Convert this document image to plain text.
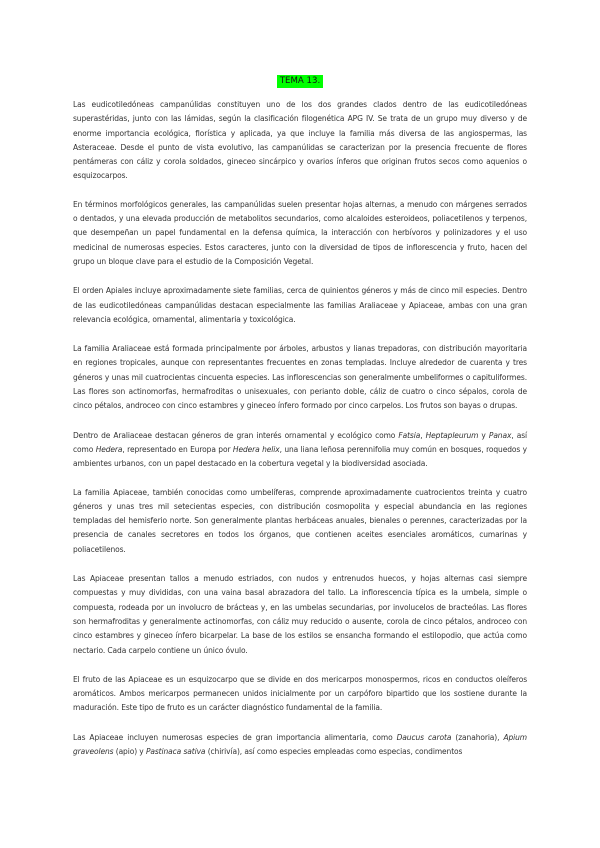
TEMA 13.

Las eudicotiledóneas campanúlidas constituyen uno de los dos grandes clados dentro de las eudicotiledóneas superastéridas, junto con las lámidas, según la clasificación filogenética APG IV. Se trata de un grupo muy diverso y de enorme importancia ecológica, florística y aplicada, ya que incluye la familia más diversa de las angiospermas, las Asteraceae. Desde el punto de vista evolutivo, las campanúlidas se caracterizan por la presencia frecuente de flores pentámeras con cáliz y corola soldados, gineceo sincárpico y ovarios ínferos que originan frutos secos como aquenios o esquizocarpos.

En términos morfológicos generales, las campanúlidas suelen presentar hojas alternas, a menudo con márgenes serrados o dentados, y una elevada producción de metabolitos secundarios, como alcaloides esteroideos, poliacetilenos y terpenos, que desempeñan un papel fundamental en la defensa química, la interacción con herbívoros y polinizadores y el uso medicinal de numerosas especies. Estos caracteres, junto con la diversidad de tipos de inflorescencia y fruto, hacen del grupo un bloque clave para el estudio de la Composición Vegetal.

El orden Apiales incluye aproximadamente siete familias, cerca de quinientos géneros y más de cinco mil especies. Dentro de las eudicotiledóneas campanúlidas destacan especialmente las familias Araliaceae y Apiaceae, ambas con una gran relevancia ecológica, ornamental, alimentaria y toxicológica.

La familia Araliaceae está formada principalmente por árboles, arbustos y lianas trepadoras, con distribución mayoritaria en regiones tropicales, aunque con representantes frecuentes en zonas templadas. Incluye alrededor de cuarenta y tres géneros y unas mil cuatrocientas cincuenta especies. Las inflorescencias son generalmente umbeliformes o capituliformes. Las flores son actinomorfas, hermafroditas o unisexuales, con perianto doble, cáliz de cuatro o cinco sépalos, corola de cinco pétalos, androceo con cinco estambres y gineceo ínfero formado por cinco carpelos. Los frutos son bayas o drupas.

Dentro de Araliaceae destacan géneros de gran interés ornamental y ecológico como Fatsia, Heptapleurum y Panax, así como Hedera, representado en Europa por Hedera helix, una liana leñosa perennifolia muy común en bosques, roquedos y ambientes urbanos, con un papel destacado en la cobertura vegetal y la biodiversidad asociada.

La familia Apiaceae, también conocidas como umbelíferas, comprende aproximadamente cuatrocientos treinta y cuatro géneros y unas tres mil setecientas especies, con distribución cosmopolita y especial abundancia en las regiones templadas del hemisferio norte. Son generalmente plantas herbáceas anuales, bienales o perennes, caracterizadas por la presencia de canales secretores en todos los órganos, que contienen aceites esenciales aromáticos, cumarinas y poliacetilenos.

Las Apiaceae presentan tallos a menudo estriados, con nudos y entrenudos huecos, y hojas alternas casi siempre compuestas y muy divididas, con una vaina basal abrazadora del tallo. La inflorescencia típica es la umbela, simple o compuesta, rodeada por un involucro de brácteas y, en las umbelas secundarias, por involucelos de bracteólas. Las flores son hermafroditas y generalmente actinomorfas, con cáliz muy reducido o ausente, corola de cinco pétalos, androceo con cinco estambres y gineceo ínfero bicarpelar. La base de los estilos se ensancha formando el estilopodio, que actúa como nectario. Cada carpelo contiene un único óvulo.

El fruto de las Apiaceae es un esquizocarpo que se divide en dos mericarpos monospermos, ricos en conductos oleíferos aromáticos. Ambos mericarpos permanecen unidos inicialmente por un carpóforo bipartido que los sostiene durante la maduración. Este tipo de fruto es un carácter diagnóstico fundamental de la familia.

Las Apiaceae incluyen numerosas especies de gran importancia alimentaria, como Daucus carota (zanahoria), Apium graveolens (apio) y Pastinaca sativa (chirivía), así como especies empleadas como especias, condimentos
